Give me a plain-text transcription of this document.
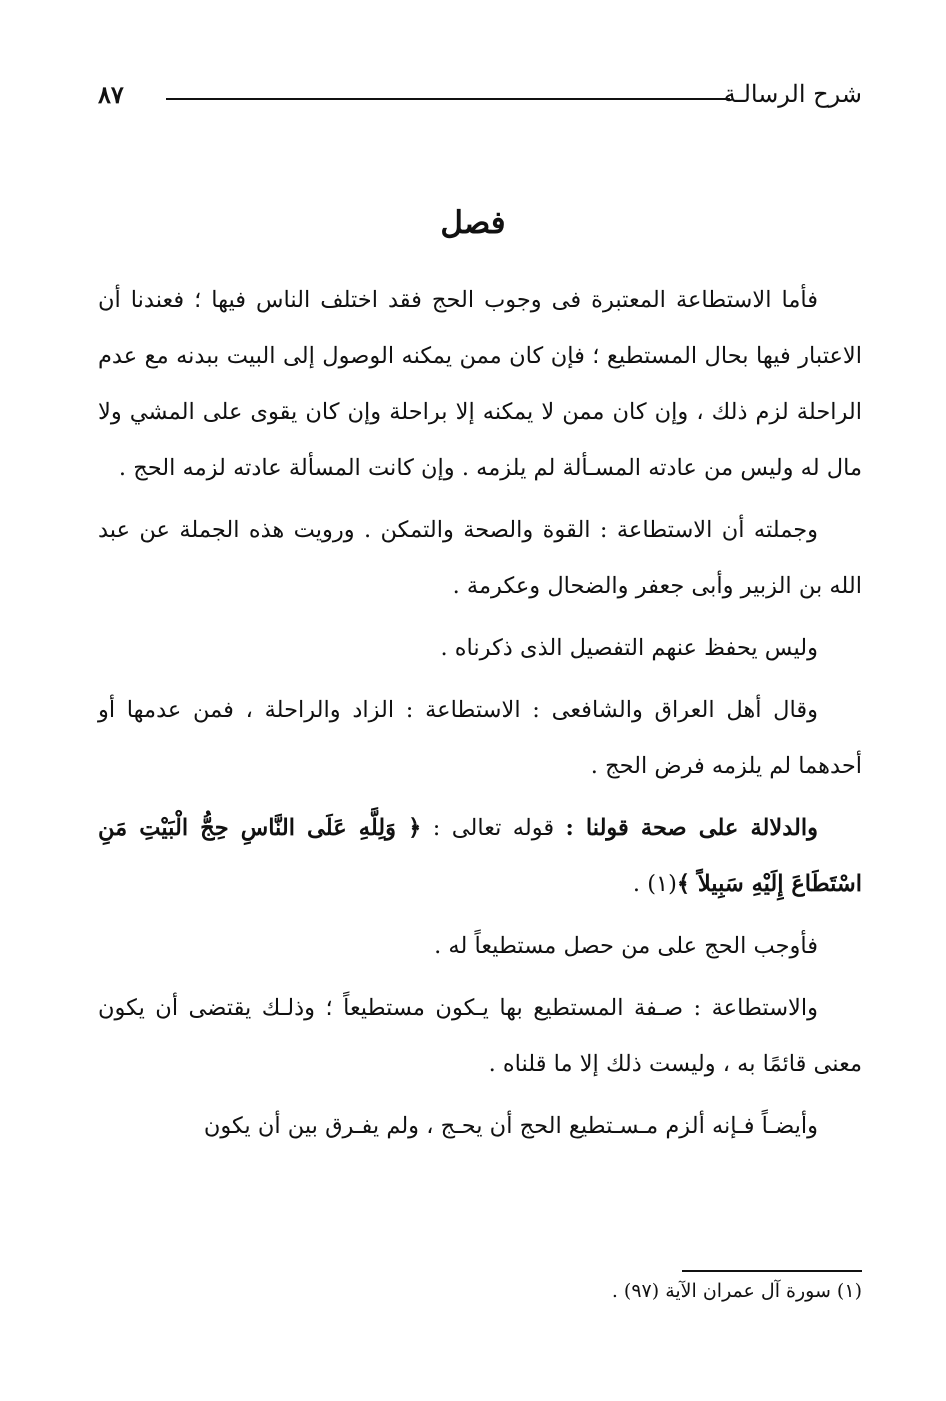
٨٧	شرح الرسالـة
فصل

فأما الاستطاعة المعتبرة فى وجوب الحج فقد اختلف الناس فيها ؛ فعندنا أن الاعتبار فيها بحال المستطيع ؛ فإن كان ممن يمكنه الوصول إلى البيت ببدنه مع عدم الراحلة لزم ذلك ، وإن كان ممن لا يمكنه إلا براحلة وإن كان يقوى على المشي ولا مال له وليس من عادته المسـألة لم يلزمه . وإن كانت المسألة عادته لزمه الحج .

وجملته أن الاستطاعة : القوة والصحة والتمكن . ورويت هذه الجملة عن عبد الله بن الزبير وأبى جعفر والضحال وعكرمة .

وليس يحفظ عنهم التفصيل الذى ذكرناه .

وقال أهل العراق والشافعى : الاستطاعة : الزاد والراحلة ، فمن عدمها أو أحدهما لم يلزمه فرض الحج .

والدلالة على صحة قولنا : قوله تعالى : ﴿ وَلِلَّهِ عَلَى النَّاسِ حِجُّ الْبَيْتِ مَنِ اسْتَطَاعَ إِلَيْهِ سَبِيلاً ﴾(١) .

فأوجب الحج على من حصل مستطيعاً له .

والاستطاعة : صـفة المستطيع بها يـكون مستطيعاً ؛ وذلـك يقتضى أن يكون معنى قائمًا به ، وليست ذلك إلا ما قلناه .

وأيضـاً فـإنه ألزم مـسـتطيع الحج أن يحـج ، ولم يفـرق بين أن يكون

(١) سورة آل عمران الآية (٩٧) .
